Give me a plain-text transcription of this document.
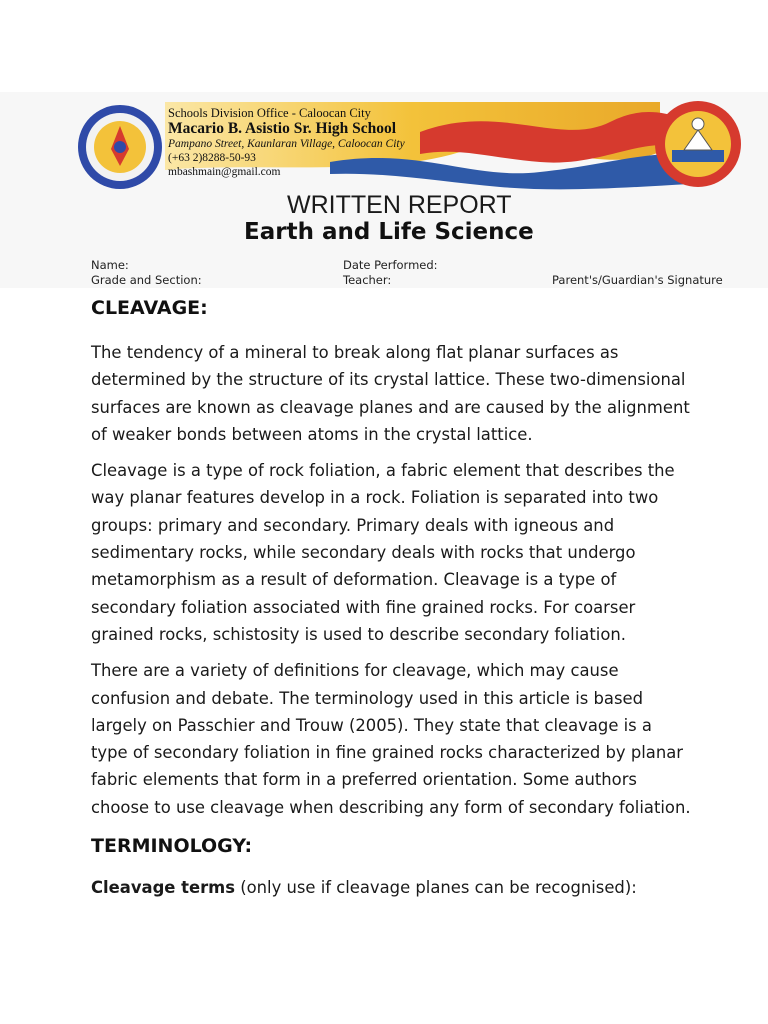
Schools Division Office - Caloocan City
Macario B. Asistio Sr. High School
Pampano Street, Kaunlaran Village, Caloocan City
(+63 2)8288-50-93
mbashmain@gmail.com
WRITTEN REPORT
Earth and Life Science
Name:
Grade and Section:
Date Performed:
Teacher:	Parent's/Guardian's Signature
CLEAVAGE:

The tendency of a mineral to break along flat planar surfaces as determined by the structure of its crystal lattice. These two-dimensional surfaces are known as cleavage planes and are caused by the alignment of weaker bonds between atoms in the crystal lattice.

Cleavage is a type of rock foliation, a fabric element that describes the way planar features develop in a rock. Foliation is separated into two groups: primary and secondary. Primary deals with igneous and sedimentary rocks, while secondary deals with rocks that undergo metamorphism as a result of deformation. Cleavage is a type of secondary foliation associated with fine grained rocks. For coarser grained rocks, schistosity is used to describe secondary foliation.

There are a variety of definitions for cleavage, which may cause confusion and debate. The terminology used in this article is based largely on Passchier and Trouw (2005). They state that cleavage is a type of secondary foliation in fine grained rocks characterized by planar fabric elements that form in a preferred orientation. Some authors choose to use cleavage when describing any form of secondary foliation.

TERMINOLOGY:

Cleavage terms (only use if cleavage planes can be recognised):
